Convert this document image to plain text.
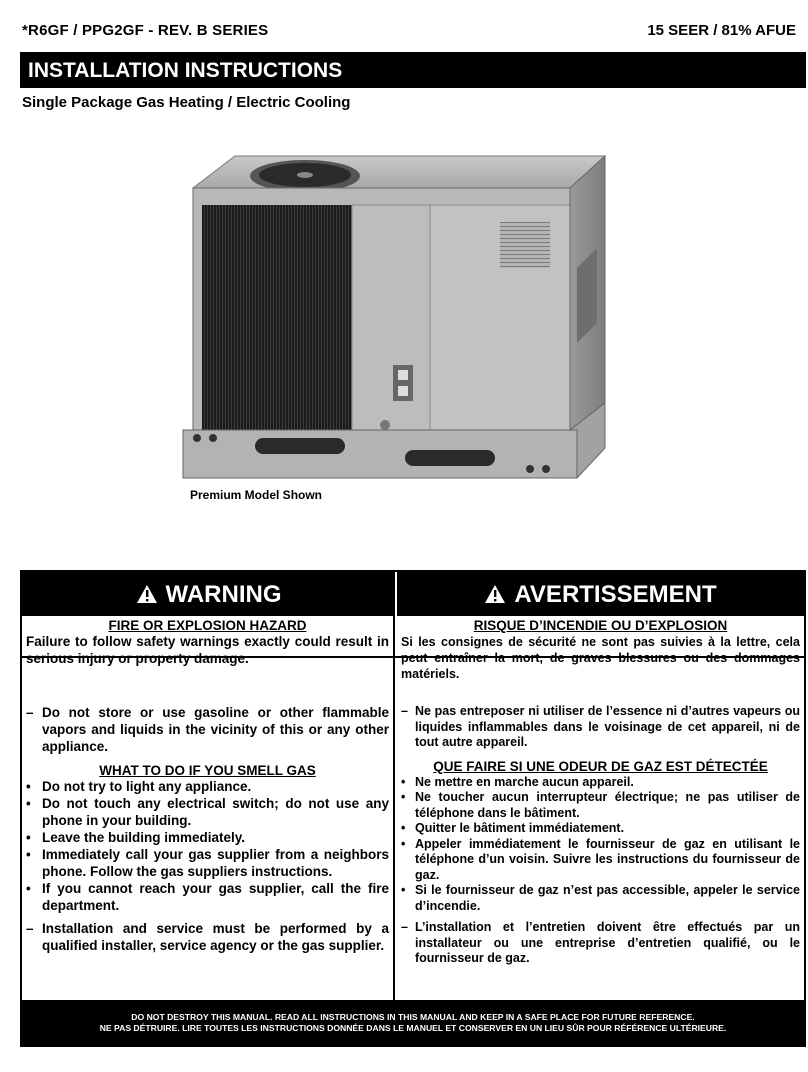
*R6GF / PPG2GF - REV. B SERIES	15 SEER / 81% AFUE
INSTALLATION INSTRUCTIONS
Single Package Gas Heating / Electric Cooling
Premium Model Shown
WARNING	AVERTISSEMENT
FIRE OR EXPLOSION HAZARD
Failure to follow safety warnings exactly could result in serious injury or property damage.
– Do not store or use gasoline or other flammable vapors and liquids in the vicinity of this or any other appliance.
WHAT TO DO IF YOU SMELL GAS
• Do not try to light any appliance.
• Do not touch any electrical switch; do not use any phone in your building.
• Leave the building immediately.
• Immediately call your gas supplier from a neighbors phone. Follow the gas suppliers instructions.
• If you cannot reach your gas supplier, call the fire department.
– Installation and service must be performed by a qualified installer, service agency or the gas supplier.
RISQUE D’INCENDIE OU D’EXPLOSION
Si les consignes de sécurité ne sont pas suivies à la lettre, cela peut entraîner la mort, de graves blessures ou des dommages matériels.
– Ne pas entreposer ni utiliser de l’essence ni d’autres vapeurs ou liquides inflammables dans le voisinage de cet appareil, ni de tout autre appareil.
QUE FAIRE SI UNE ODEUR DE GAZ EST DÉTECTÉE
• Ne mettre en marche aucun appareil.
• Ne toucher aucun interrupteur électrique; ne pas utiliser de téléphone dans le bâtiment.
• Quitter le bâtiment immédiatement.
• Appeler immédiatement le fournisseur de gaz en utilisant le téléphone d’un voisin. Suivre les instructions du fournisseur de gaz.
• Si le fournisseur de gaz n’est pas accessible, appeler le service d’incendie.
– L’installation et l’entretien doivent être effectués par un installateur ou une entreprise d’entretien qualifié, ou le fournisseur de gaz.
DO NOT DESTROY THIS MANUAL. READ ALL INSTRUCTIONS IN THIS MANUAL AND KEEP IN A SAFE PLACE FOR FUTURE REFERENCE.
NE PAS DÉTRUIRE. LIRE TOUTES LES INSTRUCTIONS DONNÉE DANS LE MANUEL ET CONSERVER EN UN LIEU SÛR POUR RÉFÉRENCE ULTÉRIEURE.
